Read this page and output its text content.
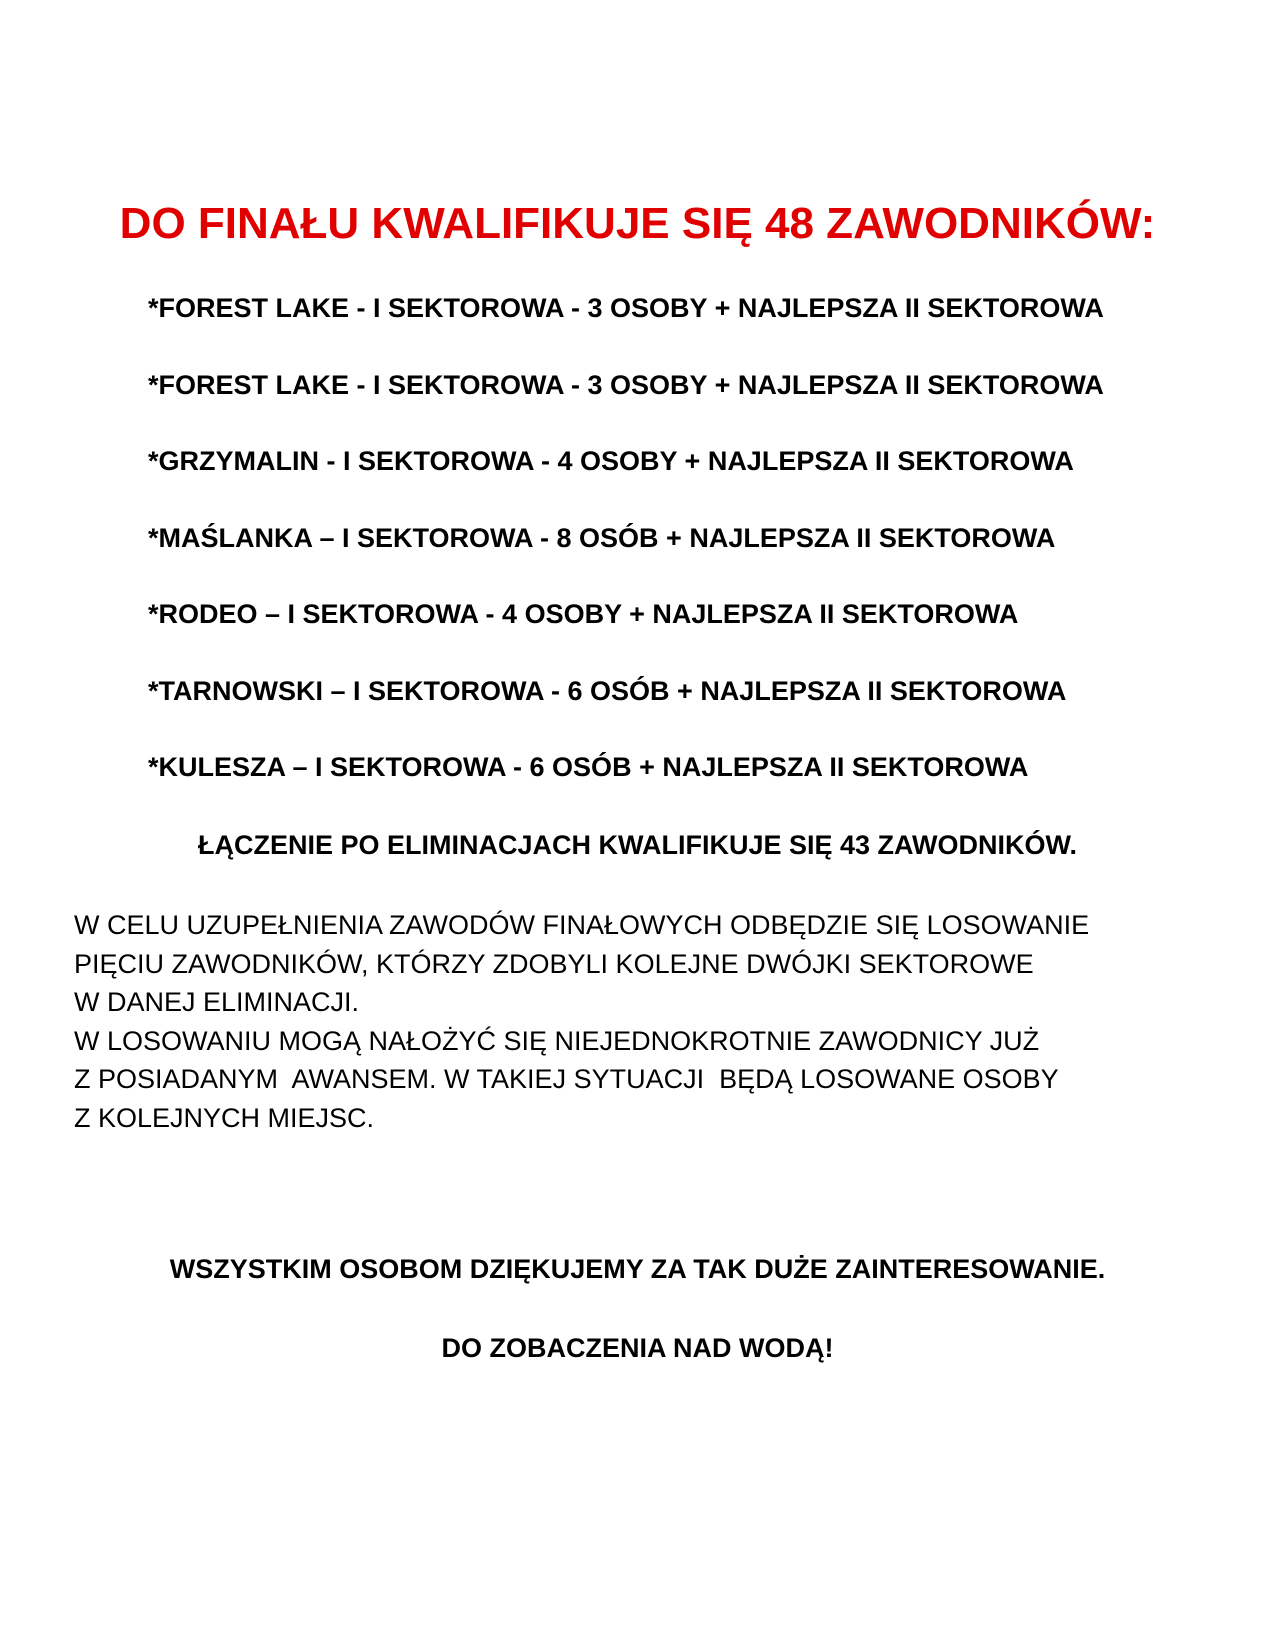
DO FINAŁU KWALIFIKUJE SIĘ 48 ZAWODNIKÓW:
*FOREST LAKE - I SEKTOROWA - 3 OSOBY + NAJLEPSZA II SEKTOROWA
*FOREST LAKE - I SEKTOROWA - 3 OSOBY + NAJLEPSZA II SEKTOROWA
*GRZYMALIN - I SEKTOROWA - 4 OSOBY + NAJLEPSZA II SEKTOROWA
*MAŚLANKA – I SEKTOROWA - 8 OSÓB + NAJLEPSZA II SEKTOROWA
*RODEO – I SEKTOROWA - 4 OSOBY + NAJLEPSZA II SEKTOROWA
*TARNOWSKI – I SEKTOROWA - 6 OSÓB + NAJLEPSZA II SEKTOROWA
*KULESZA – I SEKTOROWA - 6 OSÓB + NAJLEPSZA II SEKTOROWA
ŁĄCZENIE PO ELIMINACJACH KWALIFIKUJE SIĘ 43 ZAWODNIKÓW.
W CELU UZUPEŁNIENIA ZAWODÓW FINAŁOWYCH ODBĘDZIE SIĘ LOSOWANIE
PIĘCIU ZAWODNIKÓW, KTÓRZY ZDOBYLI KOLEJNE DWÓJKI SEKTOROWE
W DANEJ ELIMINACJI.
W LOSOWANIU MOGĄ NAŁOŻYĆ SIĘ NIEJEDNOKROTNIE ZAWODNICY JUŻ
Z POSIADANYM  AWANSEM. W TAKIEJ SYTUACJI  BĘDĄ LOSOWANE OSOBY
Z KOLEJNYCH MIEJSC.
WSZYSTKIM OSOBOM DZIĘKUJEMY ZA TAK DUŻE ZAINTERESOWANIE.
DO ZOBACZENIA NAD WODĄ!
